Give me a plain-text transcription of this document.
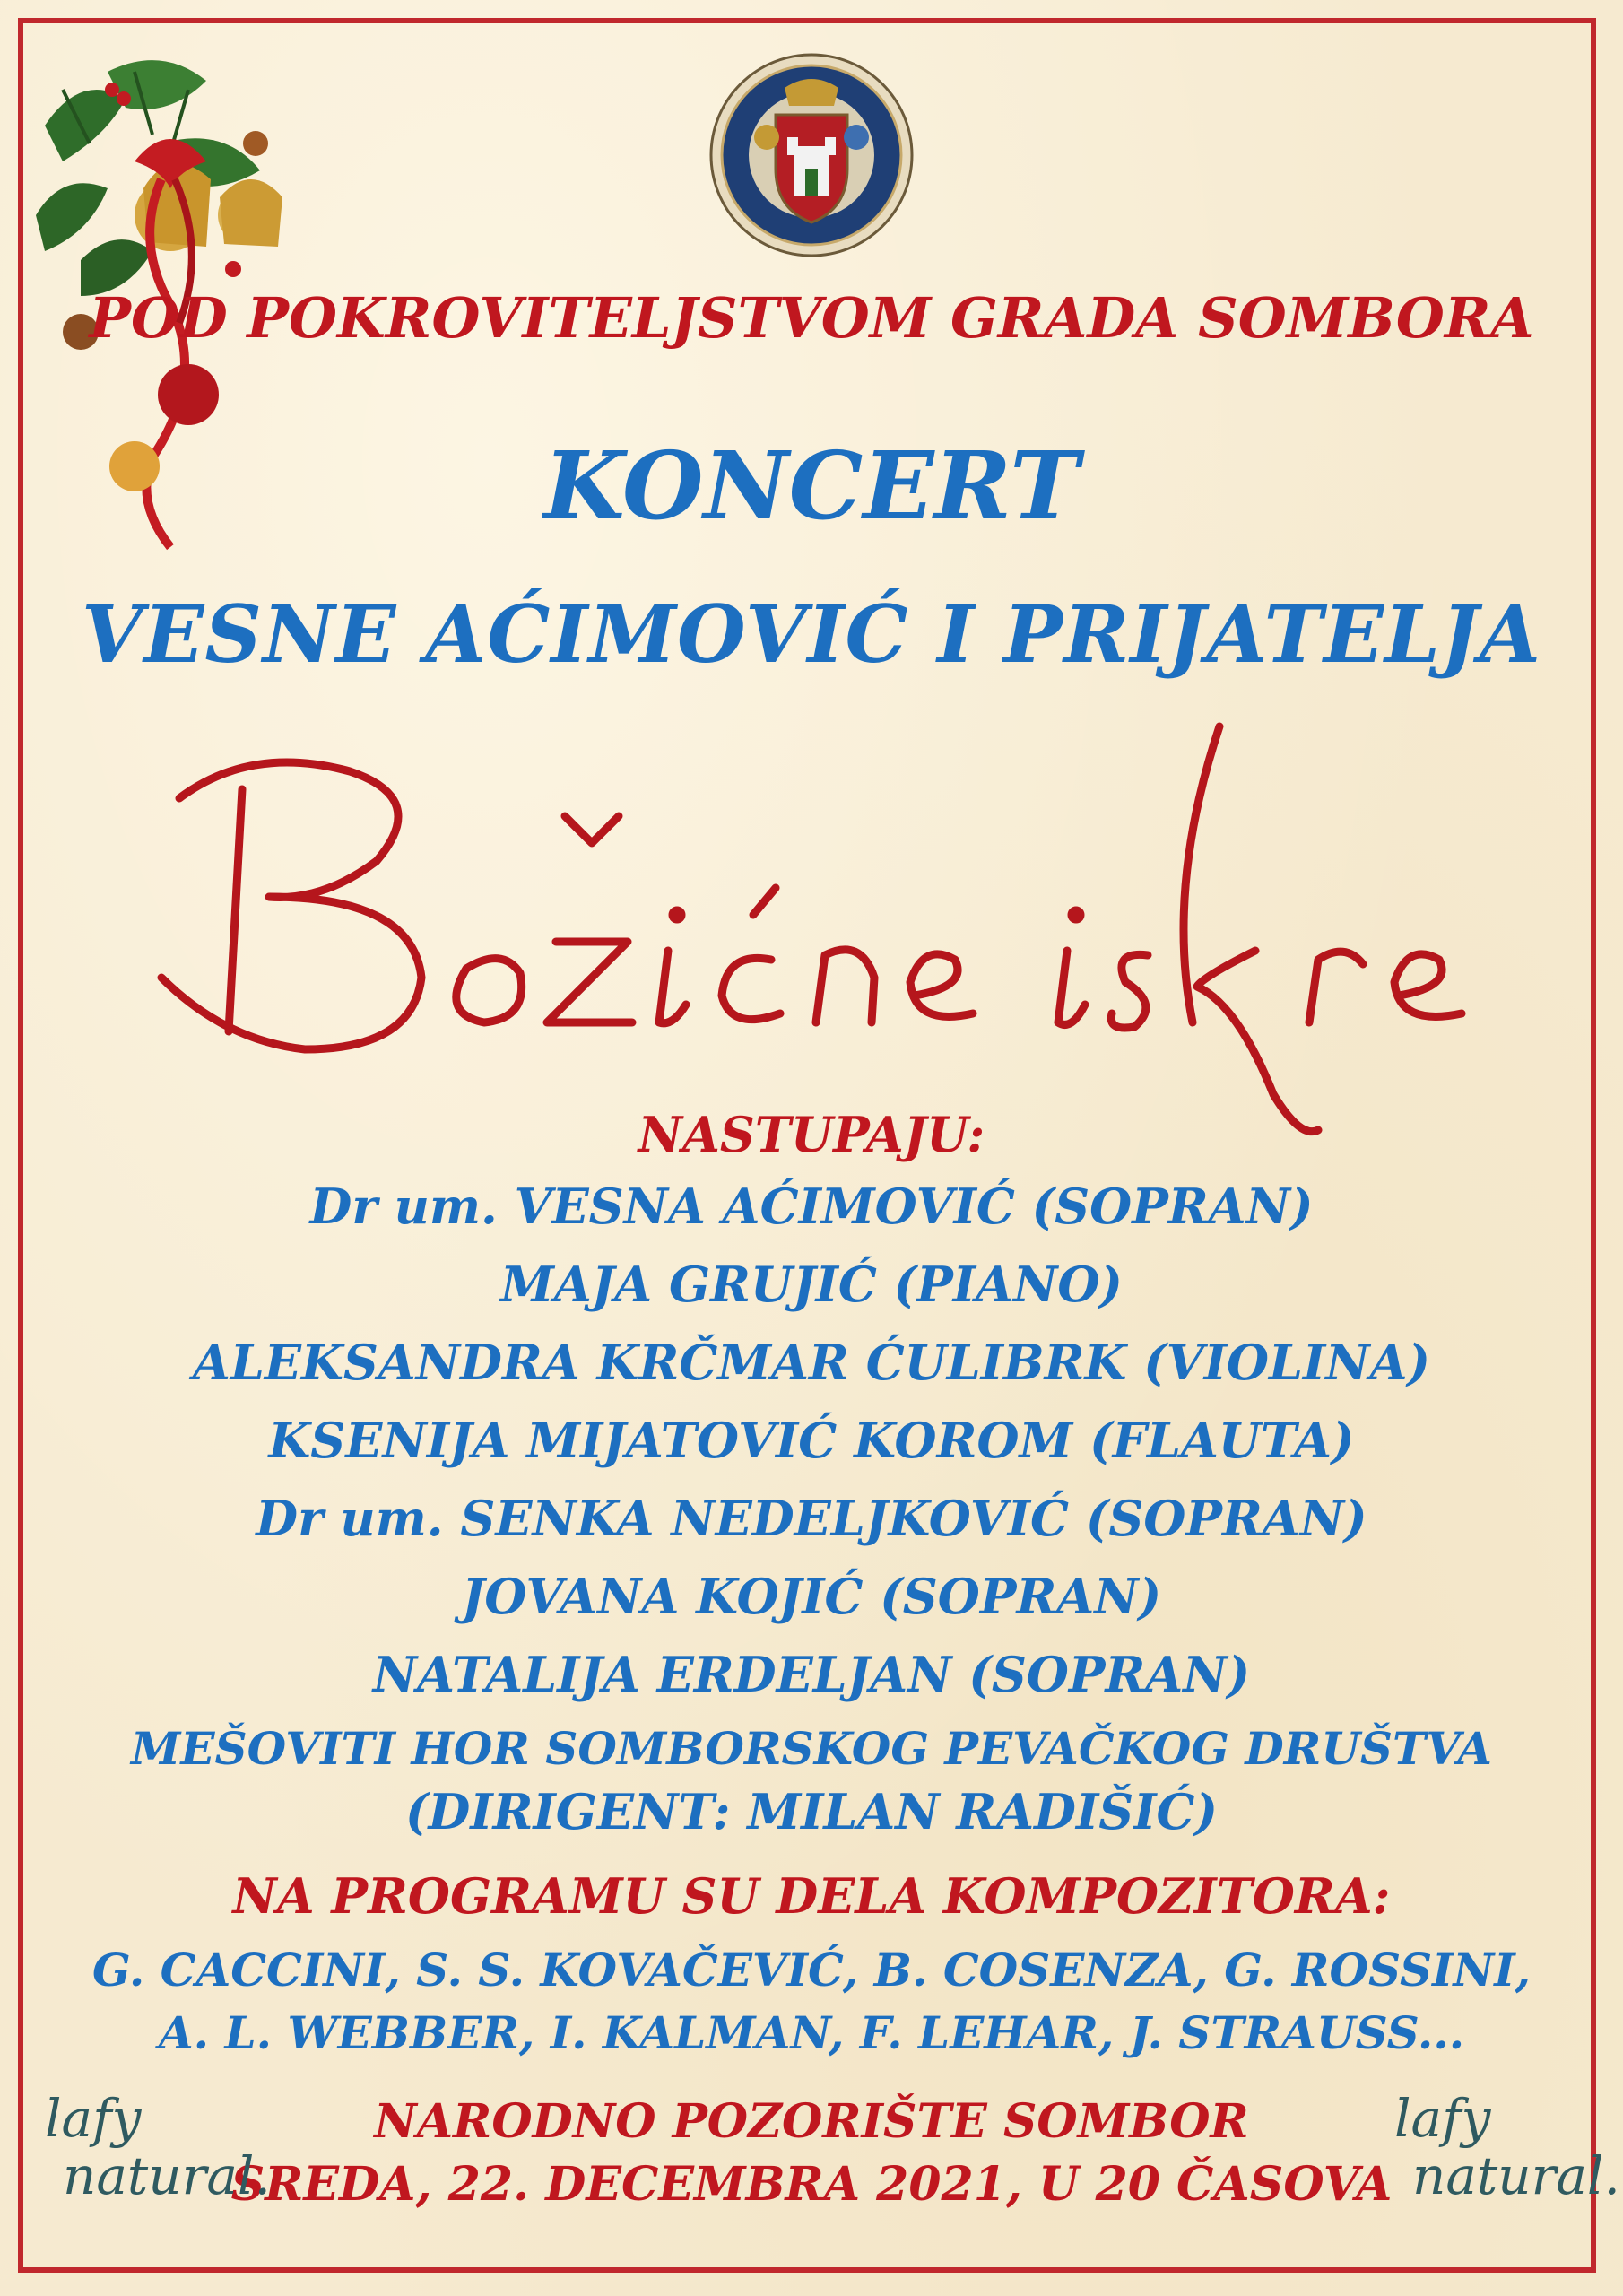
POD POKROVITELJSTVOM GRADA SOMBORA

KONCERT

VESNE AĆIMOVIĆ I PRIJATELJA

NASTUPAJU:

Dr um. VESNA AĆIMOVIĆ (SOPRAN)

MAJA GRUJIĆ (PIANO)

ALEKSANDRA KRČMAR ĆULIBRK (VIOLINA)

KSENIJA MIJATOVIĆ KOROM (FLAUTA)

Dr um. SENKA NEDELJKOVIĆ (SOPRAN)

JOVANA KOJIĆ (SOPRAN)

NATALIJA ERDELJAN (SOPRAN)

MEŠOVITI HOR SOMBORSKOG PEVAČKOG DRUŠTVA

(DIRIGENT: MILAN RADIŠIĆ)

NA PROGRAMU SU DELA KOMPOZITORA:

G. CACCINI, S. S. KOVAČEVIĆ, B. COSENZA, G. ROSSINI,

A. L. WEBBER, I. KALMAN, F. LEHAR, J. STRAUSS...

NARODNO POZORIŠTE SOMBOR

SREDA, 22. DECEMBRA 2021, U 20 ČASOVA

lafy
natural.
lafy
natural.
